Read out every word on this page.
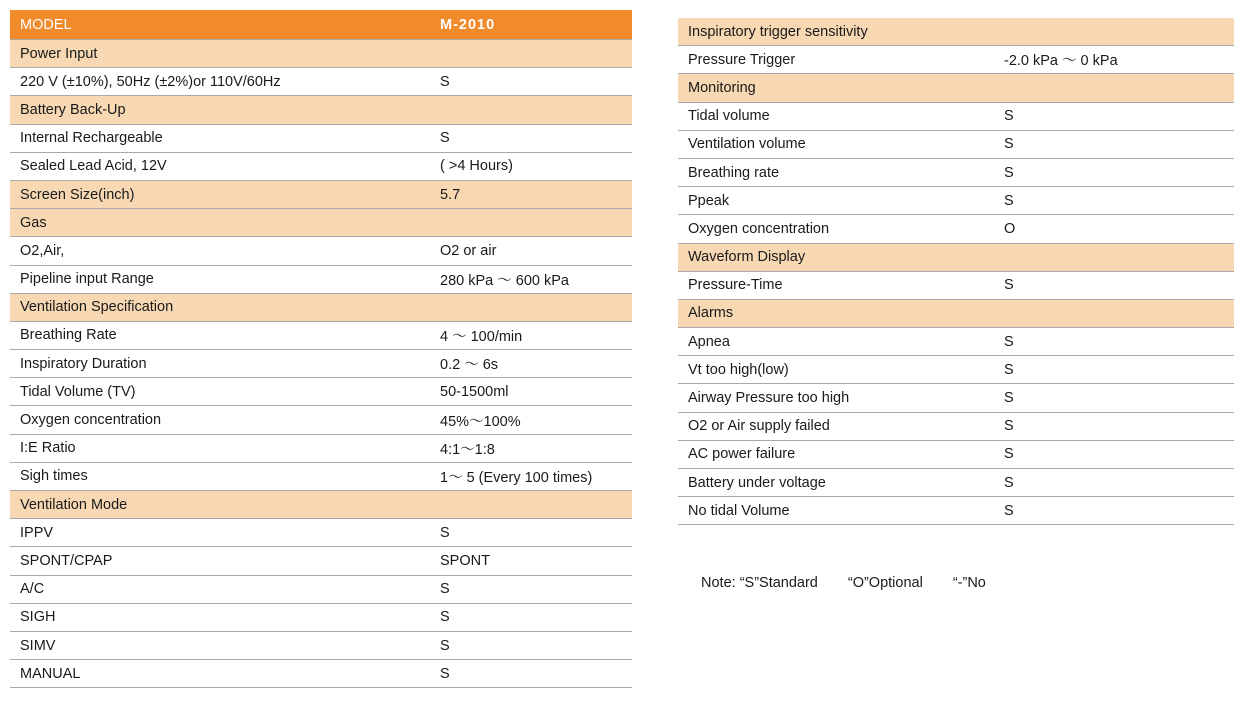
MODEL	M-2010
Power Input
220 V (±10%), 50Hz (±2%)or 110V/60Hz	S
Battery Back-Up
Internal Rechargeable	S
Sealed Lead Acid, 12V	( >4 Hours)
Screen Size(inch)	5.7
Gas
O2,Air,	O2 or air
Pipeline input Range	280 kPa ～ 600 kPa
Ventilation Specification
Breathing Rate	4 ～ 100/min
Inspiratory Duration	0.2 ～ 6s
Tidal Volume (TV)	50-1500ml
Oxygen concentration	45%～100%
I:E Ratio	4:1～1:8
Sigh times	1～ 5 (Every 100 times)
Ventilation Mode
IPPV	S
SPONT/CPAP	SPONT
A/C	S
SIGH	S
SIMV	S
MANUAL	S
Inspiratory trigger sensitivity
Pressure Trigger	-2.0 kPa ～ 0 kPa
Monitoring
Tidal volume	S
Ventilation volume	S
Breathing rate	S
Ppeak	S
Oxygen concentration	O
Waveform Display
Pressure-Time	S
Alarms
Apnea	S
Vt too high(low)	S
Airway Pressure too high	S
O2 or Air supply failed	S
AC power failure	S
Battery under voltage	S
No tidal Volume	S
Note: “S”Standard “O”Optional “-”No
